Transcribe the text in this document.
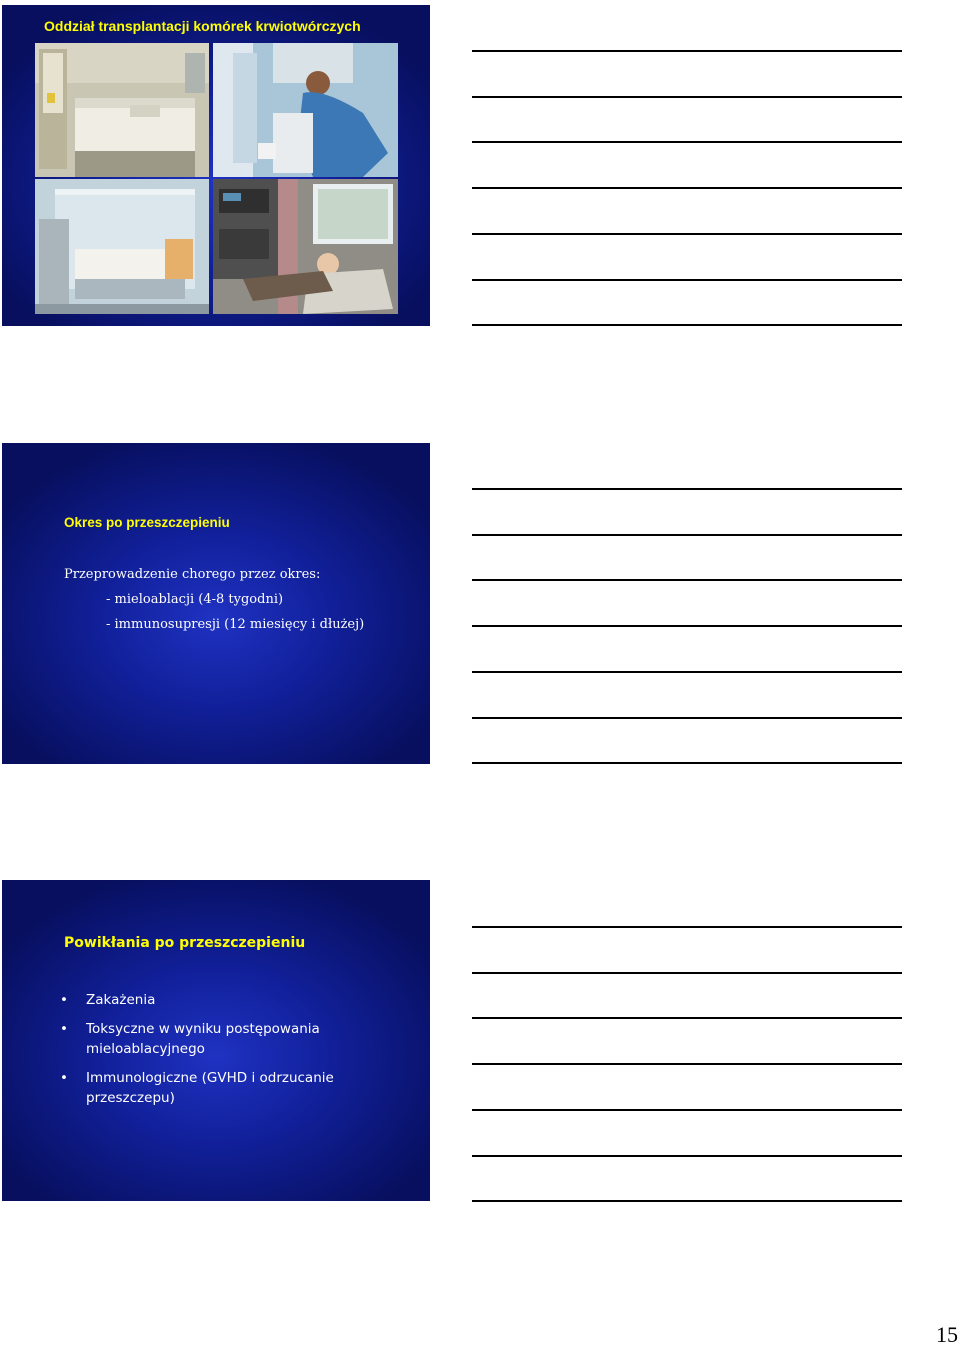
Oddział transplantacji komórek krwiotwórczych
Okres po przeszczepieniu
Przeprowadzenie chorego przez okres:
- mieloablacji (4-8 tygodni)
- immunosupresji (12 miesięcy i dłużej)
Powikłania po przeszczepieniu
• Zakażenia
• Toksyczne w wyniku postępowania mieloablacyjnego
• Immunologiczne (GVHD i odrzucanie przeszczepu)
15
